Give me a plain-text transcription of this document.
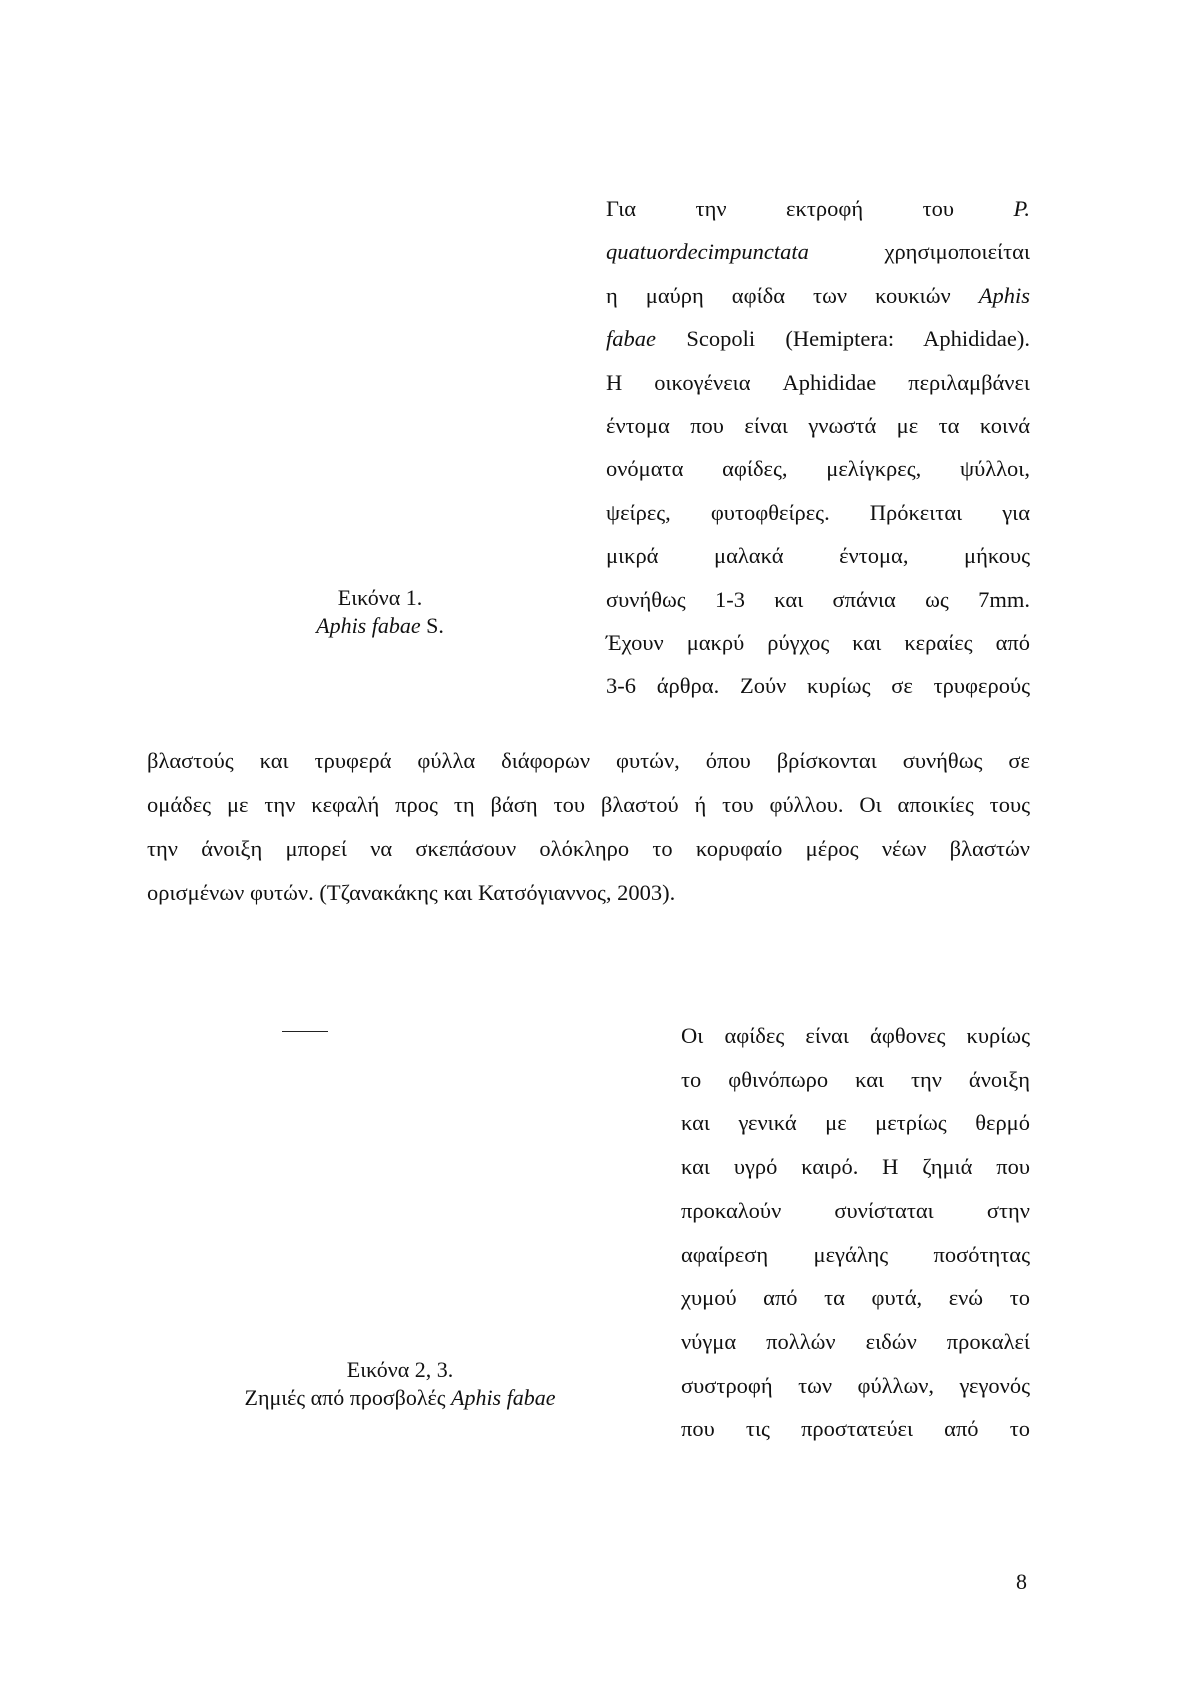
Για την εκτροφή του P.
quatuordecimpunctata χρησιμοποιείται
η μαύρη αφίδα των κουκιών Aphis
fabae Scopoli (Hemiptera: Aphididae).
Η οικογένεια Aphididae περιλαμβάνει
έντομα που είναι γνωστά με τα κοινά
ονόματα αφίδες, μελίγκρες, ψύλλοι,
ψείρες, φυτοφθείρες. Πρόκειται για
μικρά μαλακά έντομα, μήκους
συνήθως 1-3 και σπάνια ως 7mm.
Έχουν μακρύ ρύγχος και κεραίες από
3-6 άρθρα. Ζούν κυρίως σε τρυφερούς
Εικόνα 1.
Aphis fabae S.
βλαστούς και τρυφερά φύλλα διάφορων φυτών, όπου βρίσκονται συνήθως σε
ομάδες με την κεφαλή προς τη βάση του βλαστού ή του φύλλου. Οι αποικίες τους
την άνοιξη μπορεί να σκεπάσουν ολόκληρο το κορυφαίο μέρος νέων βλαστών
ορισμένων φυτών. (Τζανακάκης και Κατσόγιαννος, 2003).
Οι αφίδες είναι άφθονες κυρίως
το φθινόπωρο και την άνοιξη
και γενικά με μετρίως θερμό
και υγρό καιρό. Η ζημιά που
προκαλούν συνίσταται στην
αφαίρεση μεγάλης ποσότητας
χυμού από τα φυτά, ενώ το
νύγμα πολλών ειδών προκαλεί
συστροφή των φύλλων, γεγονός
που τις προστατεύει από το
Εικόνα 2, 3.
Ζημιές από προσβολές Aphis fabae
8
